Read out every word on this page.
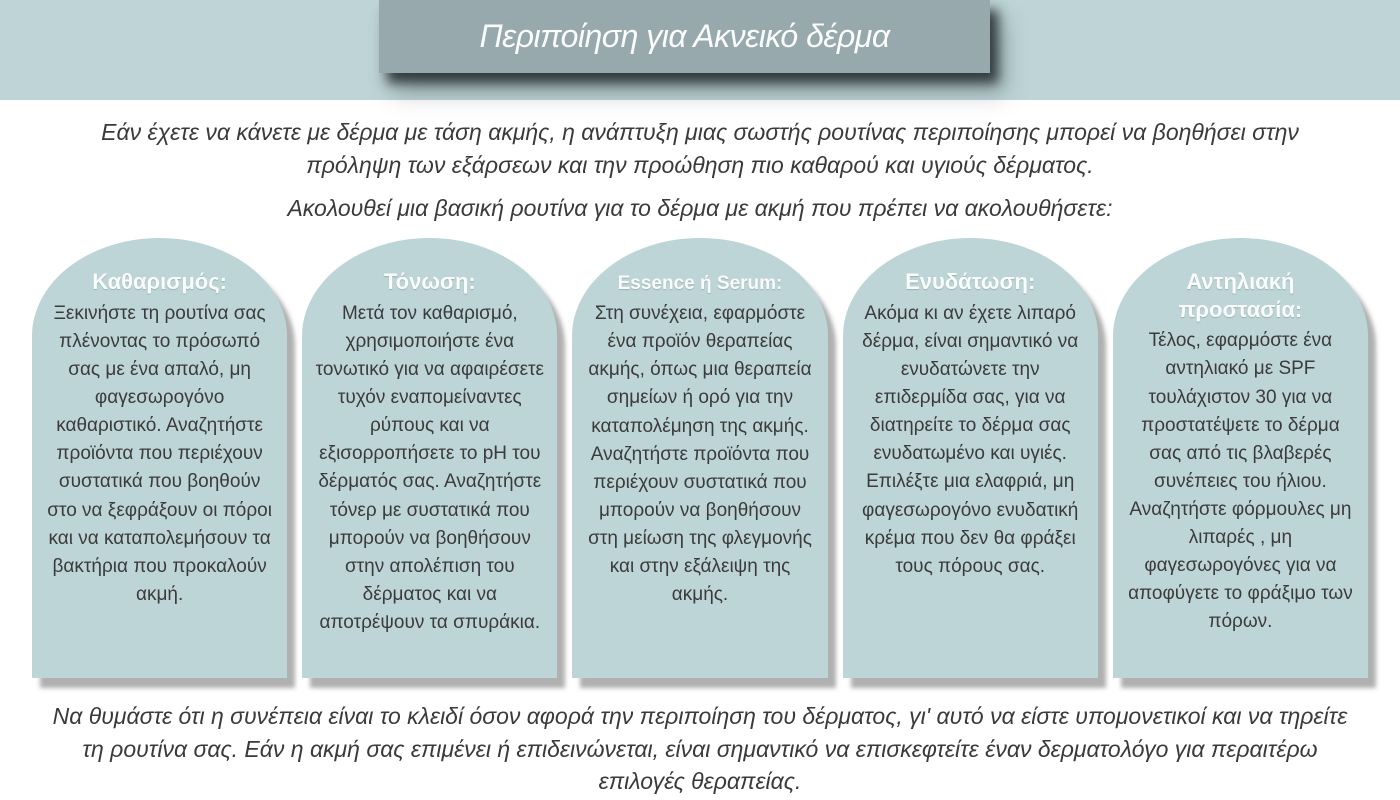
Περιποίηση για Ακνεικό δέρμα

Εάν έχετε να κάνετε με δέρμα με τάση ακμής, η ανάπτυξη μιας σωστής ρουτίνας περιποίησης μπορεί να βοηθήσει στην πρόληψη των εξάρσεων και την προώθηση πιο καθαρού και υγιούς δέρματος.

Ακολουθεί μια βασική ρουτίνα για το δέρμα με ακμή που πρέπει να ακολουθήσετε:

Καθαρισμός:
Ξεκινήστε τη ρουτίνα σας πλένοντας το πρόσωπό σας με ένα απαλό, μη φαγεσωρογόνο καθαριστικό. Αναζητήστε προϊόντα που περιέχουν συστατικά που βοηθούν στο να ξεφράξουν οι πόροι και να καταπολεμήσουν τα βακτήρια που προκαλούν ακμή.
Τόνωση:
Μετά τον καθαρισμό, χρησιμοποιήστε ένα τονωτικό για να αφαιρέσετε τυχόν εναπομείναντες ρύπους και να εξισορροπήσετε το pH του δέρματός σας. Αναζητήστε τόνερ με συστατικά που μπορούν να βοηθήσουν στην απολέπιση του δέρματος και να αποτρέψουν τα σπυράκια.
Essence ή Serum:
Στη συνέχεια, εφαρμόστε ένα προϊόν θεραπείας ακμής, όπως μια θεραπεία σημείων ή ορό για την καταπολέμηση της ακμής. Αναζητήστε προϊόντα που περιέχουν συστατικά που μπορούν να βοηθήσουν στη μείωση της φλεγμονής και στην εξάλειψη της ακμής.
Ενυδάτωση:
Ακόμα κι αν έχετε λιπαρό δέρμα, είναι σημαντικό να ενυδατώνετε την επιδερμίδα σας, για να διατηρείτε το δέρμα σας ενυδατωμένο και υγιές. Επιλέξτε μια ελαφριά, μη φαγεσωρογόνο ενυδατική κρέμα που δεν θα φράξει τους πόρους σας.
Αντηλιακή προστασία:
Τέλος, εφαρμόστε ένα αντηλιακό με SPF τουλάχιστον 30 για να προστατέψετε το δέρμα σας από τις βλαβερές συνέπειες του ήλιου. Αναζητήστε φόρμουλες μη λιπαρές , μη φαγεσωρογόνες για να αποφύγετε το φράξιμο των πόρων.

Να θυμάστε ότι η συνέπεια είναι το κλειδί όσον αφορά την περιποίηση του δέρματος, γι' αυτό να είστε υπομονετικοί και να τηρείτε τη ρουτίνα σας. Εάν η ακμή σας επιμένει ή επιδεινώνεται, είναι σημαντικό να επισκεφτείτε έναν δερματολόγο για περαιτέρω επιλογές θεραπείας.
